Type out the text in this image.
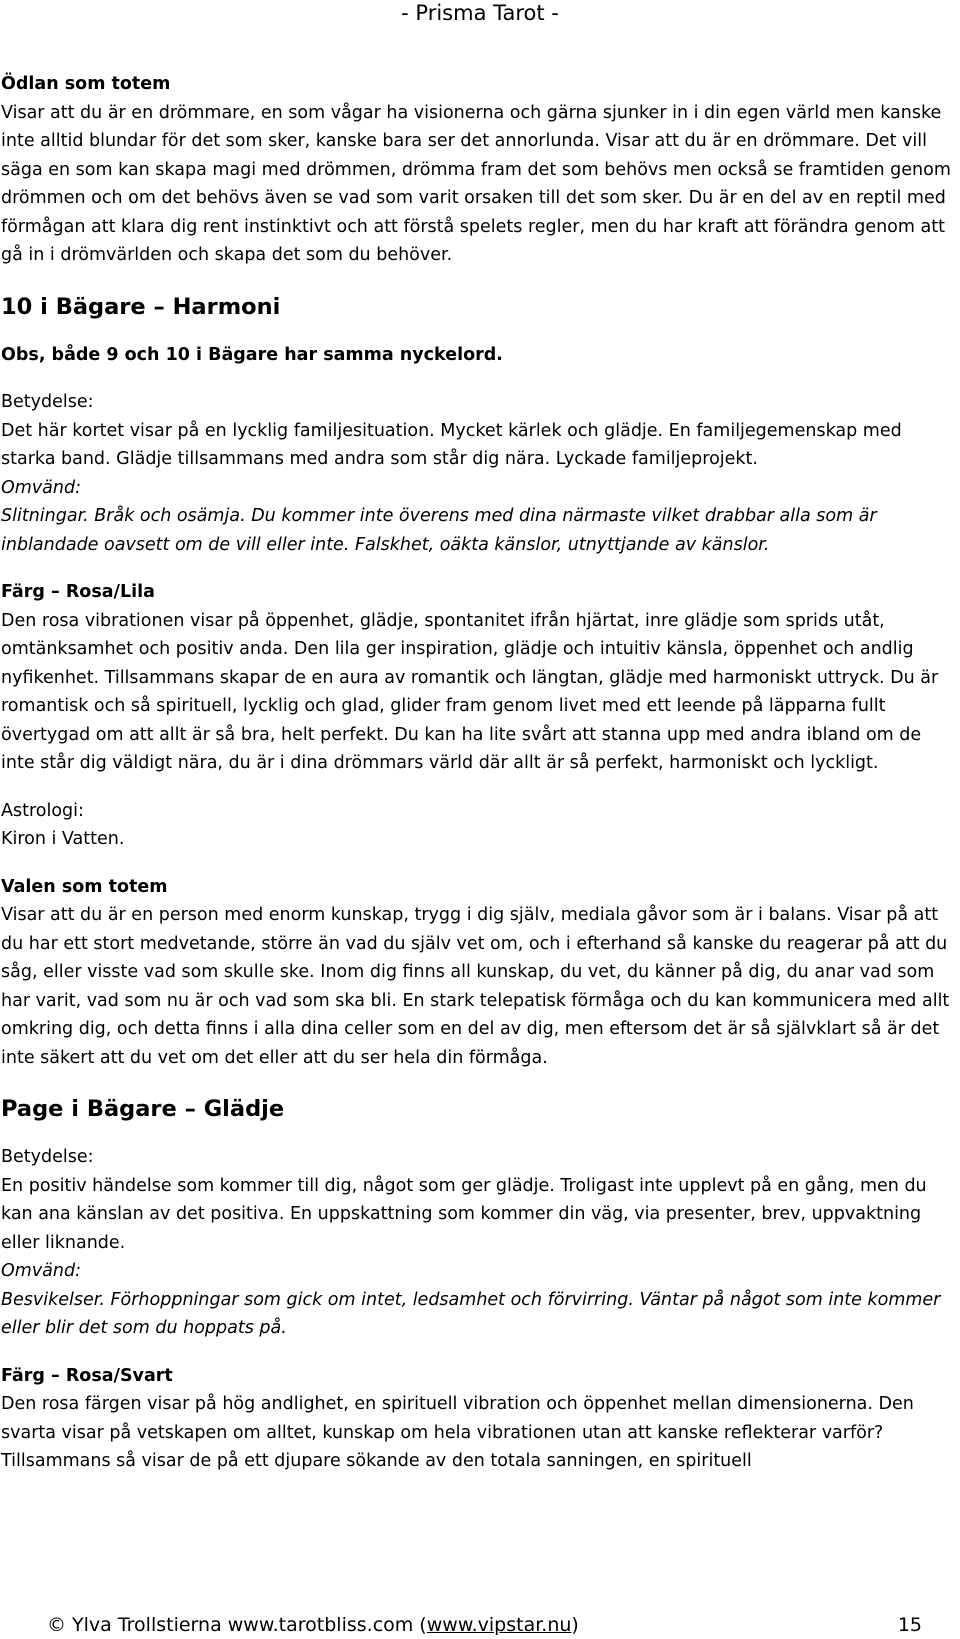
- Prisma Tarot -

Ödlan som totem

Visar att du är en drömmare, en som vågar ha visionerna och gärna sjunker in i din egen värld men kanske inte alltid blundar för det som sker, kanske bara ser det annorlunda. Visar att du är en drömmare. Det vill säga en som kan skapa magi med drömmen, drömma fram det som behövs men också se framtiden genom drömmen och om det behövs även se vad som varit orsaken till det som sker. Du är en del av en reptil med förmågan att klara dig rent instinktivt och att förstå spelets regler, men du har kraft att förändra genom att gå in i drömvärlden och skapa det som du behöver.

10 i Bägare – Harmoni

Obs, både 9 och 10 i Bägare har samma nyckelord.

Betydelse:

Det här kortet visar på en lycklig familjesituation. Mycket kärlek och glädje. En familjegemenskap med starka band. Glädje tillsammans med andra som står dig nära. Lyckade familjeprojekt.

Omvänd:

Slitningar. Bråk och osämja. Du kommer inte överens med dina närmaste vilket drabbar alla som är inblandade oavsett om de vill eller inte. Falskhet, oäkta känslor, utnyttjande av känslor.

Färg – Rosa/Lila

Den rosa vibrationen visar på öppenhet, glädje, spontanitet ifrån hjärtat, inre glädje som sprids utåt, omtänksamhet och positiv anda. Den lila ger inspiration, glädje och intuitiv känsla, öppenhet och andlig nyfikenhet. Tillsammans skapar de en aura av romantik och längtan, glädje med harmoniskt uttryck. Du är romantisk och så spirituell, lycklig och glad, glider fram genom livet med ett leende på läpparna fullt övertygad om att allt är så bra, helt perfekt. Du kan ha lite svårt att stanna upp med andra ibland om de inte står dig väldigt nära, du är i dina drömmars värld där allt är så perfekt, harmoniskt och lyckligt.

Astrologi:

Kiron i Vatten.

Valen som totem

Visar att du är en person med enorm kunskap, trygg i dig själv, mediala gåvor som är i balans. Visar på att du har ett stort medvetande, större än vad du själv vet om, och i efterhand så kanske du reagerar på att du såg, eller visste vad som skulle ske. Inom dig finns all kunskap, du vet, du känner på dig, du anar vad som har varit, vad som nu är och vad som ska bli. En stark telepatisk förmåga och du kan kommunicera med allt omkring dig, och detta finns i alla dina celler som en del av dig, men eftersom det är så självklart så är det inte säkert att du vet om det eller att du ser hela din förmåga.

Page i Bägare – Glädje

Betydelse:

En positiv händelse som kommer till dig, något som ger glädje. Troligast inte upplevt på en gång, men du kan ana känslan av det positiva. En uppskattning som kommer din väg, via presenter, brev, uppvaktning eller liknande.

Omvänd:

Besvikelser. Förhoppningar som gick om intet, ledsamhet och förvirring. Väntar på något som inte kommer eller blir det som du hoppats på.

Färg – Rosa/Svart

Den rosa färgen visar på hög andlighet, en spirituell vibration och öppenhet mellan dimensionerna. Den svarta visar på vetskapen om alltet, kunskap om hela vibrationen utan att kanske reflekterar varför? Tillsammans så visar de på ett djupare sökande av den totala sanningen, en spirituell

© Ylva Trollstierna www.tarotbliss.com (www.vipstar.nu)	15
